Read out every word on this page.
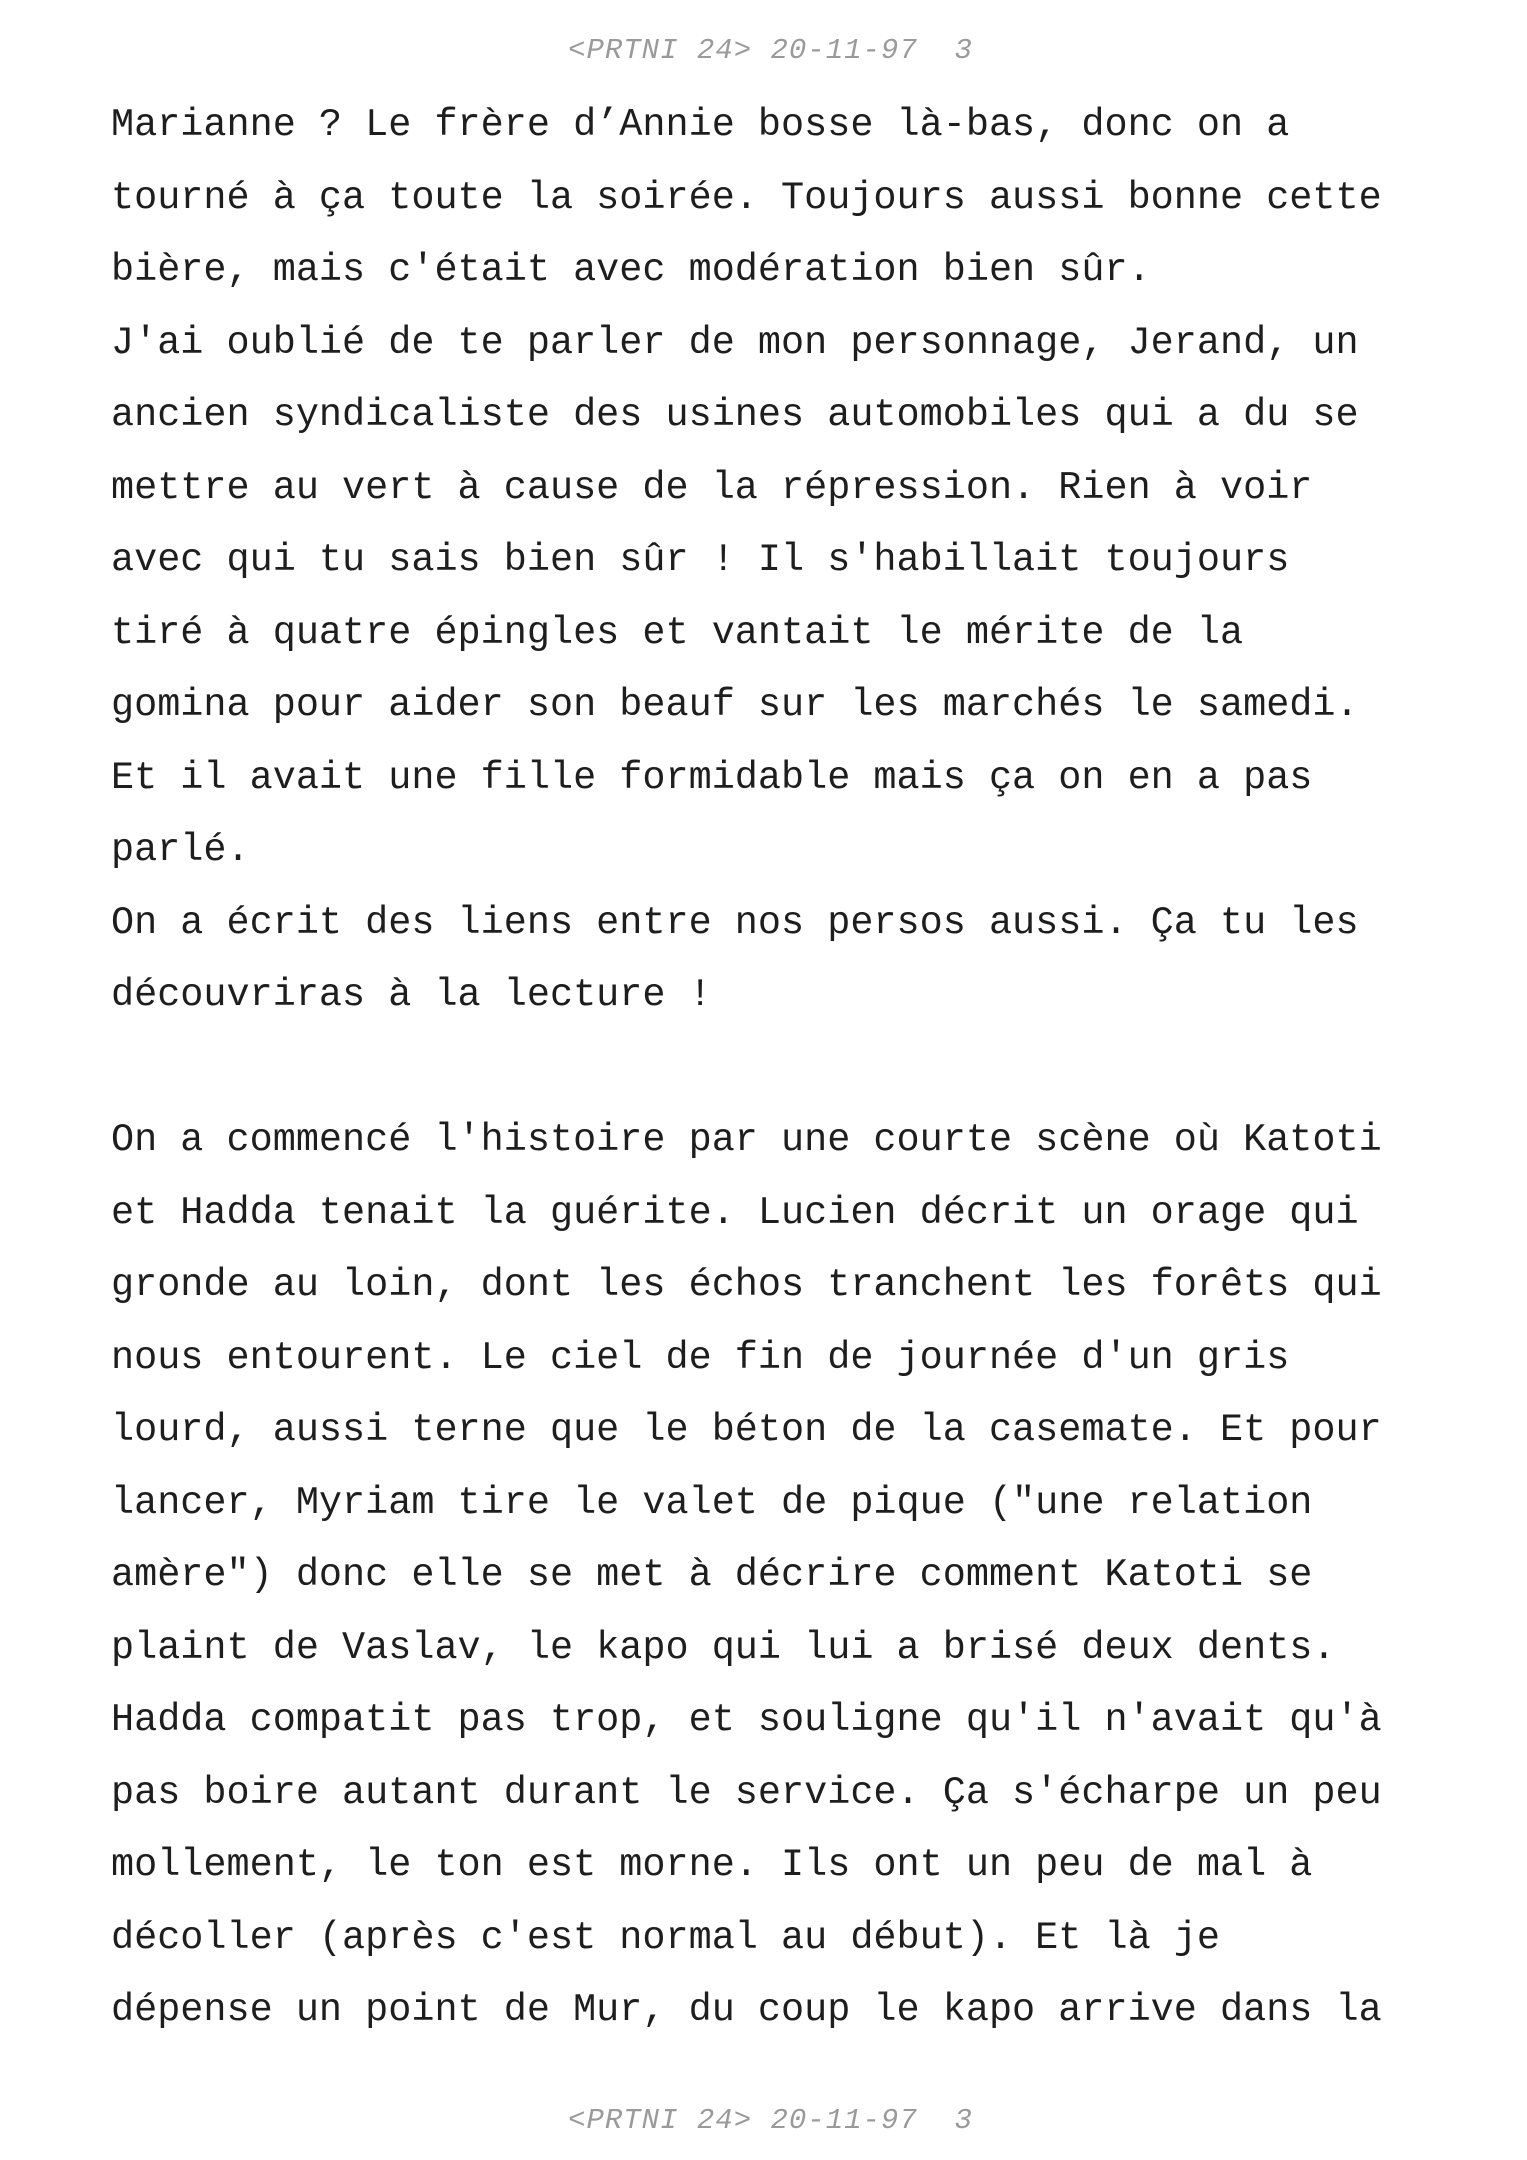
<PRTNI 24> 20-11-97  3
Marianne ? Le frère d’Annie bosse là-bas, donc on a
tourné à ça toute la soirée. Toujours aussi bonne cette
bière, mais c'était avec modération bien sûr.
J'ai oublié de te parler de mon personnage, Jerand, un
ancien syndicaliste des usines automobiles qui a du se
mettre au vert à cause de la répression. Rien à voir
avec qui tu sais bien sûr ! Il s'habillait toujours
tiré à quatre épingles et vantait le mérite de la
gomina pour aider son beauf sur les marchés le samedi.
Et il avait une fille formidable mais ça on en a pas
parlé.
On a écrit des liens entre nos persos aussi. Ça tu les
découvriras à la lecture !
On a commencé l'histoire par une courte scène où Katoti
et Hadda tenait la guérite. Lucien décrit un orage qui
gronde au loin, dont les échos tranchent les forêts qui
nous entourent. Le ciel de fin de journée d'un gris
lourd, aussi terne que le béton de la casemate. Et pour
lancer, Myriam tire le valet de pique ("une relation
amère") donc elle se met à décrire comment Katoti se
plaint de Vaslav, le kapo qui lui a brisé deux dents.
Hadda compatit pas trop, et souligne qu'il n'avait qu'à
pas boire autant durant le service. Ça s'écharpe un peu
mollement, le ton est morne. Ils ont un peu de mal à
décoller (après c'est normal au début). Et là je
dépense un point de Mur, du coup le kapo arrive dans la
<PRTNI 24> 20-11-97  3
